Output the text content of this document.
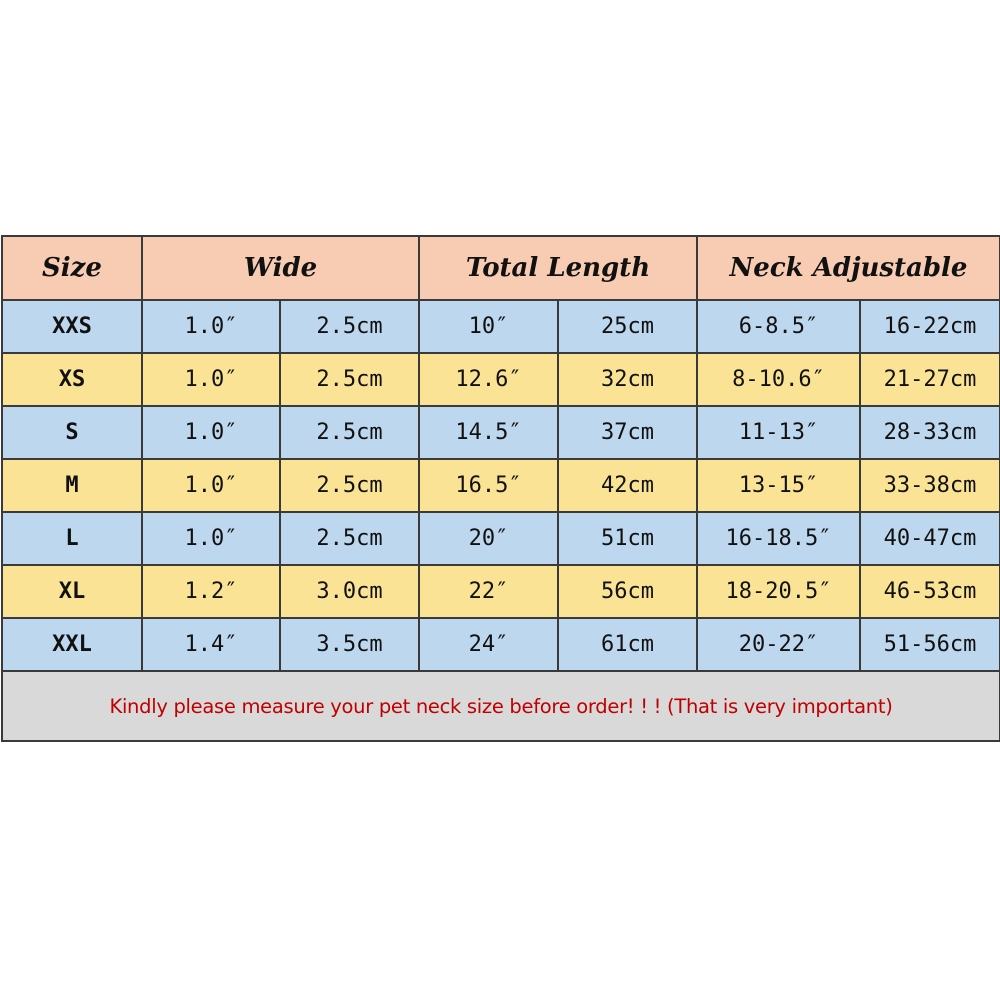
Size	Wide		Total Length		Neck Adjustable	
XXS	1.0″	2.5cm	10″	25cm	6-8.5″	16-22cm
XS	1.0″	2.5cm	12.6″	32cm	8-10.6″	21-27cm
S	1.0″	2.5cm	14.5″	37cm	11-13″	28-33cm
M	1.0″	2.5cm	16.5″	42cm	13-15″	33-38cm
L	1.0″	2.5cm	20″	51cm	16-18.5″	40-47cm
XL	1.2″	3.0cm	22″	56cm	18-20.5″	46-53cm
XXL	1.4″	3.5cm	24″	61cm	20-22″	51-56cm
Kindly please measure your pet neck size before order! ! ! (That is very important)						
